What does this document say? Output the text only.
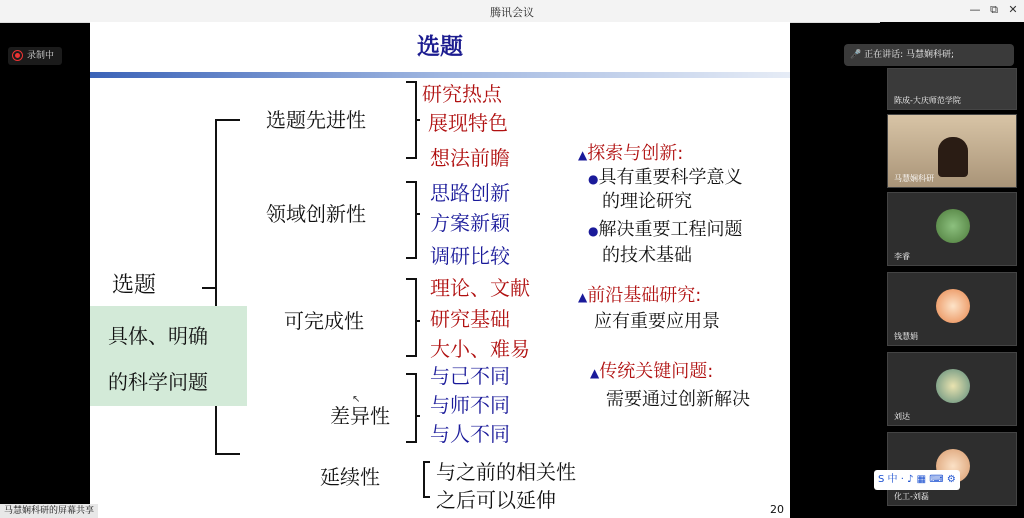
腾讯会议	— ⧉ ✕
录制中	选题
选题
具体、明确
的科学问题
选题先进性
领域创新性
可完成性
差异性
延续性
研究热点
展现特色
想法前瞻
思路创新
方案新颖
调研比较
理论、文献
研究基础
大小、难易
与己不同
与师不同
与人不同
与之前的相关性
之后可以延伸
▲探索与创新:
●具有重要科学意义
的理论研究
●解决重要工程问题
的技术基础
▲前沿基础研究:
应有重要应用景
▲传统关键问题:
需要通过创新解决
↖
20
🎤 正在讲话: 马慧娴科研;
陈成-大庆师范学院
马慧娴科研
李睿
钱慧娟
刘达
化工-刘磊
S 中 · ♪ ▦ ⌨ ⚙
马慧娴科研的屏幕共享
